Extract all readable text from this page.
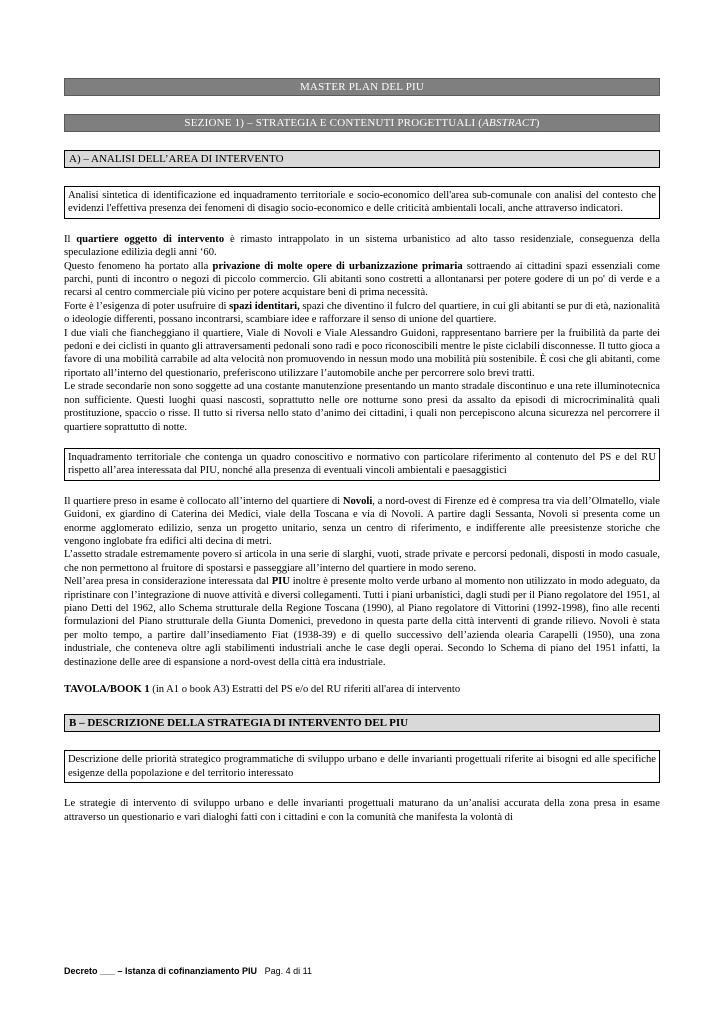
MASTER PLAN DEL PIU
SEZIONE 1) – STRATEGIA E CONTENUTI PROGETTUALI (ABSTRACT)
A) – ANALISI DELL’AREA DI INTERVENTO
Analisi sintetica di identificazione ed inquadramento territoriale e socio-economico dell'area sub-comunale con analisi del contesto che evidenzi l'effettiva presenza dei fenomeni di disagio socio-economico e delle criticità ambientali locali, anche attraverso indicatori.

Il quartiere oggetto di intervento è rimasto intrappolato in un sistema urbanistico ad alto tasso residenziale, conseguenza della speculazione edilizia degli anni ‘60.

Questo fenomeno ha portato alla privazione di molte opere di urbanizzazione primaria sottraendo ai cittadini spazi essenziali come parchi, punti di incontro o negozi di piccolo commercio. Gli abitanti sono costretti a allontanarsi per potere godere di un po' di verde e a recarsi al centro commerciale più vicino per potere acquistare beni di prima necessità.

Forte è l’esigenza di poter usufruire di spazi identitari, spazi che diventino il fulcro del quartiere, in cui gli abitanti se pur di età, nazionalità o ideologie differenti, possano incontrarsi, scambiare idee e rafforzare il senso di unione del quartiere.

I due viali che fiancheggiano il quartiere, Viale di Novoli e Viale Alessandro Guidoni, rappresentano barriere per la fruibilità da parte dei pedoni e dei ciclisti in quanto gli attraversamenti pedonali sono radi e poco riconoscibili mentre le piste ciclabili disconnesse. Il tutto gioca a favore di una mobilità carrabile ad alta velocità non promuovendo in nessun modo una mobilità più sostenibile. È così che gli abitanti, come riportato all’interno del questionario, preferiscono utilizzare l’automobile anche per percorrere solo brevi tratti.

Le strade secondarie non sono soggette ad una costante manutenzione presentando un manto stradale discontinuo e una rete illuminotecnica non sufficiente. Questi luoghi quasi nascosti, soprattutto nelle ore notturne sono presi da assalto da episodi di microcriminalità quali prostituzione, spaccio o risse. Il tutto si riversa nello stato d’animo dei cittadini, i quali non percepiscono alcuna sicurezza nel percorrere il quartiere soprattutto di notte.

Inquadramento territoriale che contenga un quadro conoscitivo e normativo con particolare riferimento al contenuto del PS e del RU rispetto all’area interessata dal PIU, nonché alla presenza di eventuali vincoli ambientali e paesaggistici

Il quartiere preso in esame è collocato all’interno del quartiere di Novoli, a nord-ovest di Firenze ed è compresa tra via dell’Olmatello, viale Guidoni, ex giardino di Caterina dei Medici, viale della Toscana e via di Novoli. A partire dagli Sessanta, Novoli si presenta come un enorme agglomerato edilizio, senza un progetto unitario, senza un centro di riferimento, e indifferente alle preesistenze storiche che vengono inglobate fra edifici alti decina di metri.

L’assetto stradale estremamente povero si articola in una serie di slarghi, vuoti, strade private e percorsi pedonali, disposti in modo casuale, che non permettono al fruitore di spostarsi e passeggiare all’interno del quartiere in modo sereno.

Nell’area presa in considerazione interessata dal PIU inoltre è presente molto verde urbano al momento non utilizzato in modo adeguato, da ripristinare con l’integrazione di nuove attività e diversi collegamenti. Tutti i piani urbanistici, dagli studi per il Piano regolatore del 1951, al piano Detti del 1962, allo Schema strutturale della Regione Toscana (1990), al Piano regolatore di Vittorini (1992-1998), fino alle recenti formulazioni del Piano strutturale della Giunta Domenici, prevedono in questa parte della città interventi di grande rilievo. Novoli è stata per molto tempo, a partire dall’insediamento Fiat (1938-39) e di quello successivo dell’azienda olearia Carapelli (1950), una zona industriale, che conteneva oltre agli stabilimenti industriali anche le case degli operai. Secondo lo Schema di piano del 1951 infatti, la destinazione delle aree di espansione a nord-ovest della città era industriale.

TAVOLA/BOOK 1 (in A1 o book A3) Estratti del PS e/o del RU riferiti all'area di intervento
B – DESCRIZIONE DELLA STRATEGIA DI INTERVENTO DEL PIU
Descrizione delle priorità strategico programmatiche di sviluppo urbano e delle invarianti progettuali riferite ai bisogni ed alle specifiche esigenze della popolazione e del territorio interessato

Le strategie di intervento di sviluppo urbano e delle invarianti progettuali maturano da un’analisi accurata della zona presa in esame attraverso un questionario e vari dialoghi fatti con i cittadini e con la comunità che manifesta la volontà di

Decreto ___ – Istanza di cofinanziamento PIU Pag. 4 di 11
